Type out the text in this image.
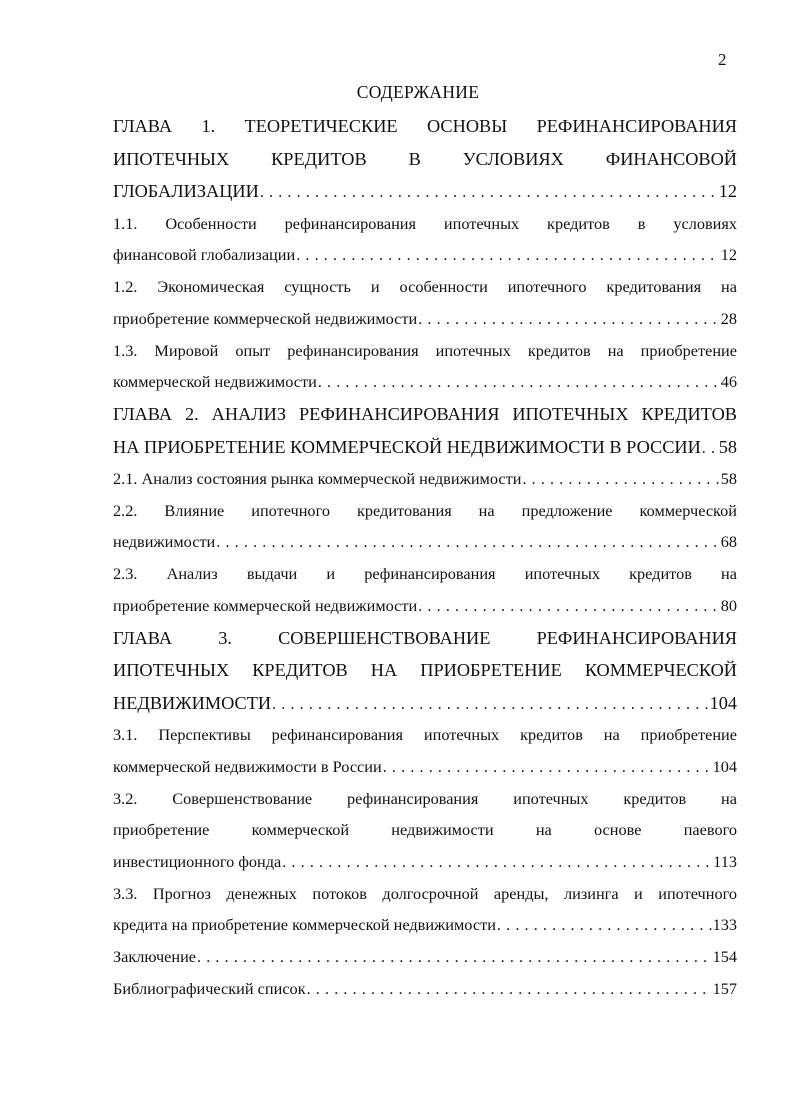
2
СОДЕРЖАНИЕ
ГЛАВА 1. ТЕОРЕТИЧЕСКИЕ ОСНОВЫ РЕФИНАНСИРОВАНИЯ
ИПОТЕЧНЫХ КРЕДИТОВ В УСЛОВИЯХ ФИНАНСОВОЙ
ГЛОБАЛИЗАЦИИ . . .	12
1.1. Особенности рефинансирования ипотечных кредитов в условиях
финансовой глобализации . . .	12
1.2. Экономическая сущность и особенности ипотечного кредитования на
приобретение коммерческой недвижимости . . .	28
1.3. Мировой опыт рефинансирования ипотечных кредитов на приобретение
коммерческой недвижимости . . .	46
ГЛАВА 2. АНАЛИЗ РЕФИНАНСИРОВАНИЯ ИПОТЕЧНЫХ КРЕДИТОВ
НА ПРИОБРЕТЕНИЕ КОММЕРЧЕСКОЙ НЕДВИЖИМОСТИ В РОССИИ . . . 58
2.1. Анализ состояния рынка коммерческой недвижимости . . .	58
2.2. Влияние ипотечного кредитования на предложение коммерческой
недвижимости . . .	68
2.3. Анализ выдачи и рефинансирования ипотечных кредитов на
приобретение коммерческой недвижимости . . .	80
ГЛАВА 3. СОВЕРШЕНСТВОВАНИЕ РЕФИНАНСИРОВАНИЯ
ИПОТЕЧНЫХ КРЕДИТОВ НА ПРИОБРЕТЕНИЕ КОММЕРЧЕСКОЙ
НЕДВИЖИМОСТИ . . .	104
3.1. Перспективы рефинансирования ипотечных кредитов на приобретение
коммерческой недвижимости в России . . .	104
3.2. Совершенствование рефинансирования ипотечных кредитов на
приобретение коммерческой недвижимости на основе паевого
инвестиционного фонда . . .	113
3.3. Прогноз денежных потоков долгосрочной аренды, лизинга и ипотечного
кредита на приобретение коммерческой недвижимости . . .	133
Заключение . . .	154
Библиографический список . . .	157
